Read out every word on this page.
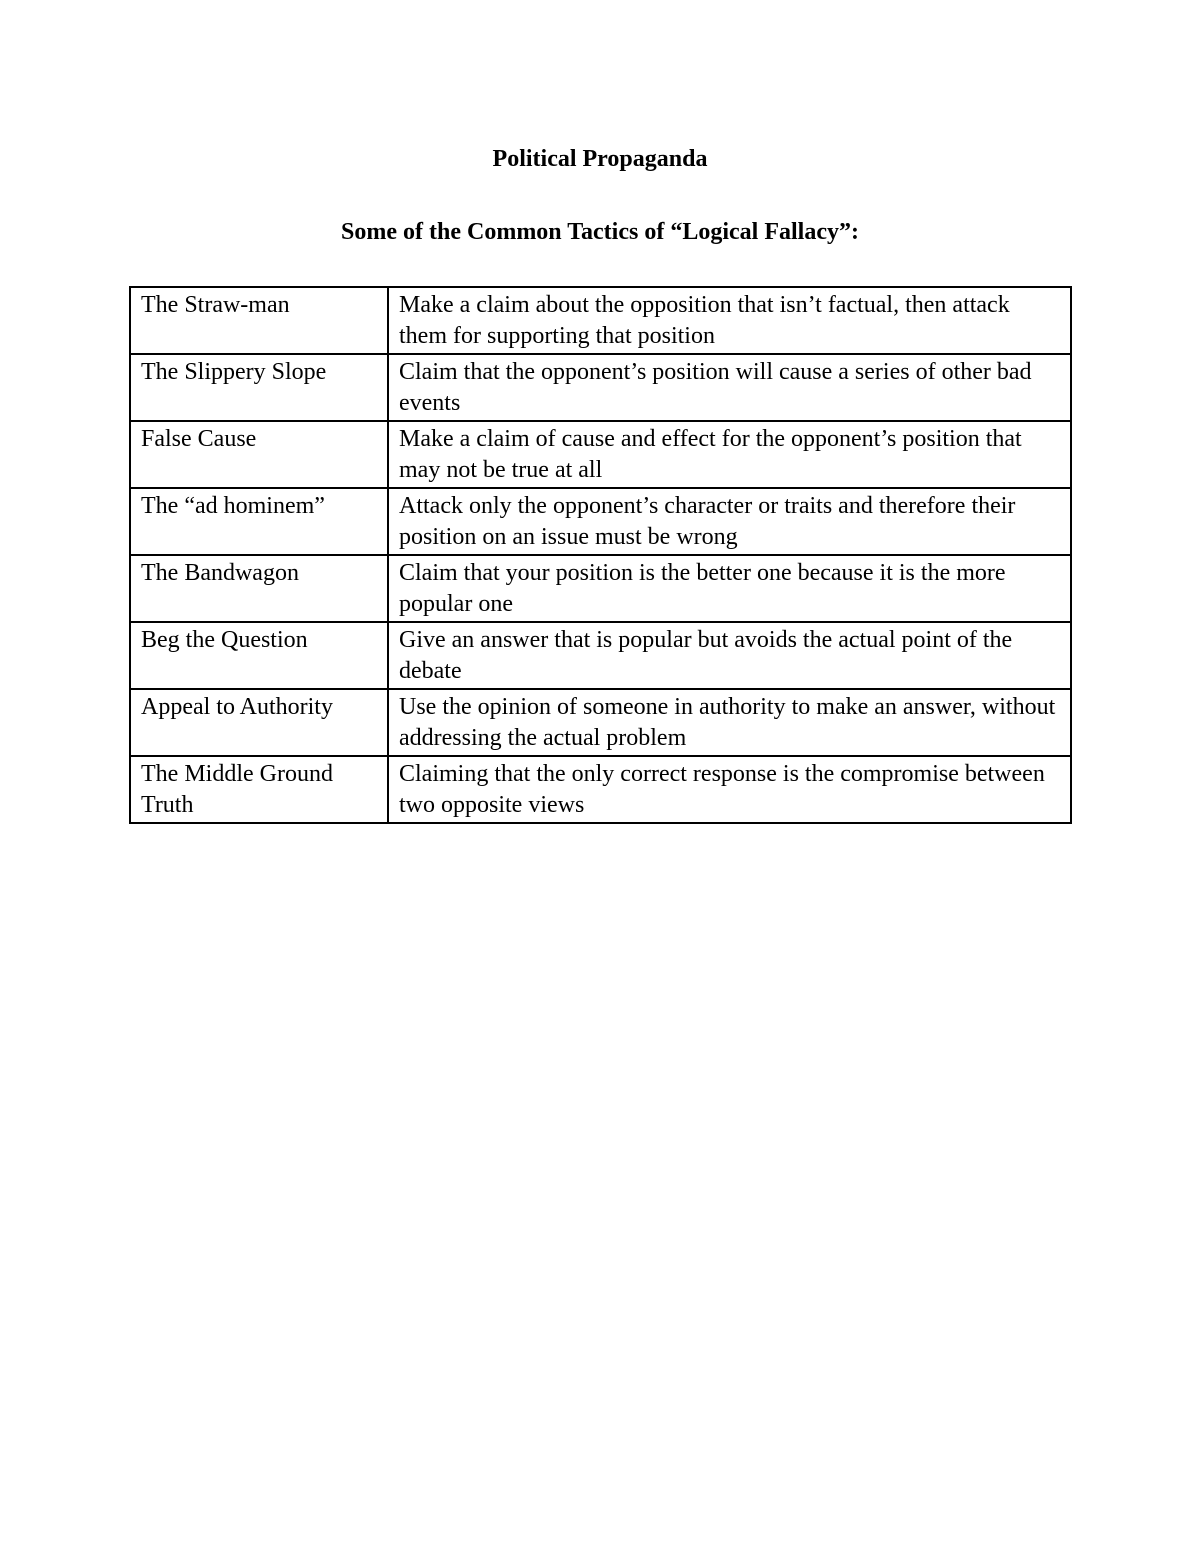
Political Propaganda
Some of the Common Tactics of “Logical Fallacy”:
The Straw-man	Make a claim about the opposition that isn’t factual, then attack them for supporting that position
The Slippery Slope	Claim that the opponent’s position will cause a series of other bad events
False Cause	Make a claim of cause and effect for the opponent’s position that may not be true at all
The “ad hominem”	Attack only the opponent’s character or traits and therefore their position on an issue must be wrong
The Bandwagon	Claim that your position is the better one because it is the more popular one
Beg the Question	Give an answer that is popular but avoids the actual point of the debate
Appeal to Authority	Use the opinion of someone in authority to make an answer, without addressing the actual problem
The Middle Ground Truth	Claiming that the only correct response is the compromise between two opposite views
